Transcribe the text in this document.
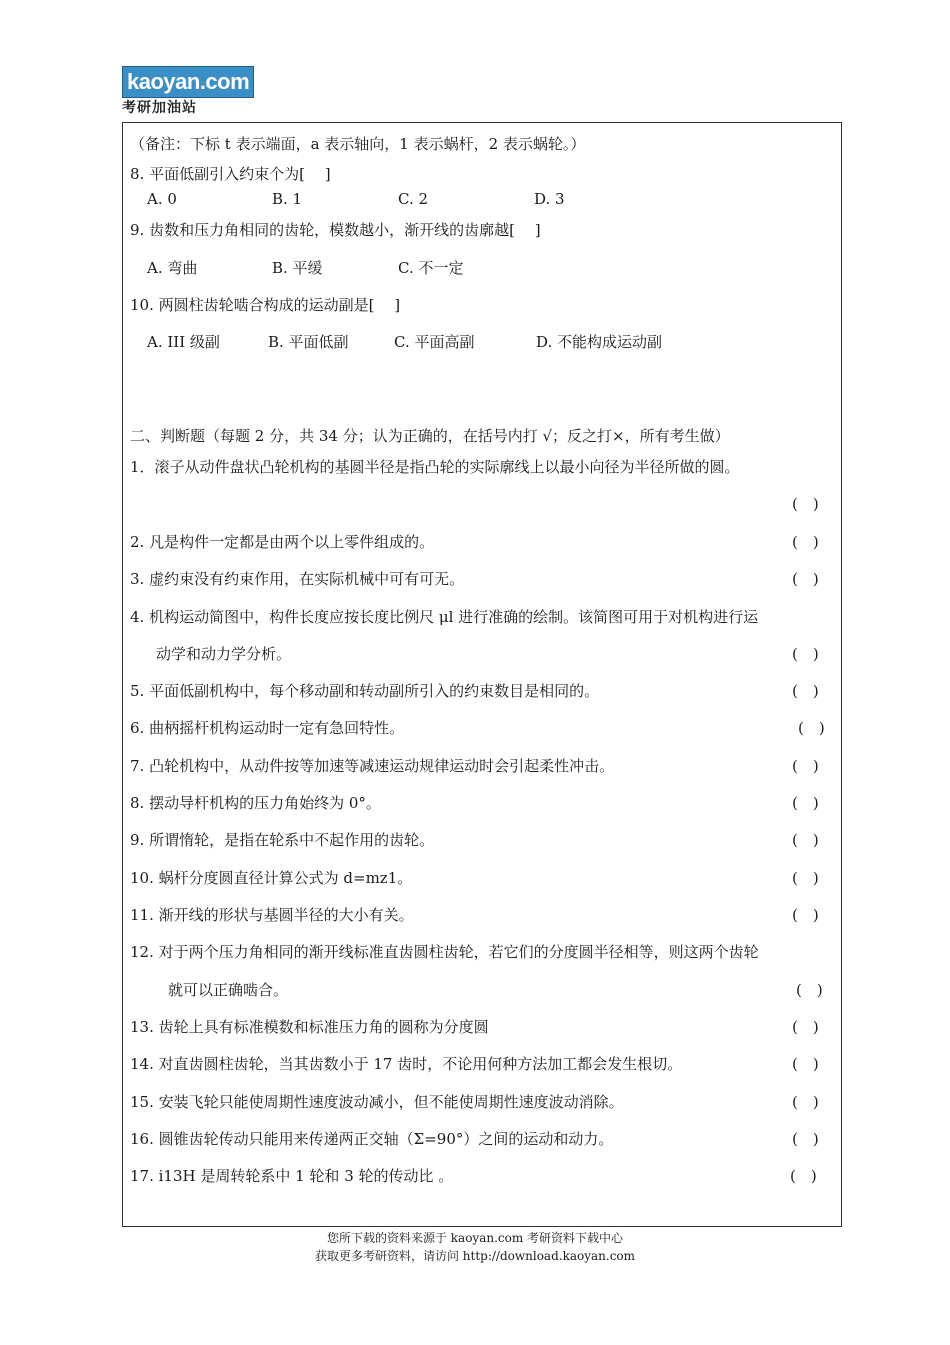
kaoyan.com
考研加油站
（备注：下标 t 表示端面，a 表示轴向，1 表示蜗杆，2 表示蜗轮。）
8. 平面低副引入约束个为[　 ]
A. 0	B. 1	C. 2	D. 3
9. 齿数和压力角相同的齿轮，模数越小，渐开线的齿廓越[　 ]
A. 弯曲	B. 平缓	C. 不一定
10. 两圆柱齿轮啮合构成的运动副是[　 ]
A. III 级副	B. 平面低副	C. 平面高副	D. 不能构成运动副
二、判断题（每题 2 分，共 34 分；认为正确的，在括号内打 √；反之打×，所有考生做）
1．滚子从动件盘状凸轮机构的基圆半径是指凸轮的实际廓线上以最小向径为半径所做的圆。
(　)
2. 凡是构件一定都是由两个以上零件组成的。	(　)
3. 虚约束没有约束作用，在实际机械中可有可无。	(　)
4. 机构运动简图中，构件长度应按长度比例尺 μl 进行准确的绘制。该简图可用于对机构进行运
动学和动力学分析。	(　)
5. 平面低副机构中，每个移动副和转动副所引入的约束数目是相同的。	(　)
6. 曲柄摇杆机构运动时一定有急回特性。	(　)
7. 凸轮机构中，从动件按等加速等减速运动规律运动时会引起柔性冲击。	(　)
8. 摆动导杆机构的压力角始终为 0°。	(　)
9. 所谓惰轮，是指在轮系中不起作用的齿轮。	(　)
10. 蜗杆分度圆直径计算公式为 d=mz1。	(　)
11. 渐开线的形状与基圆半径的大小有关。	(　)
12. 对于两个压力角相同的渐开线标准直齿圆柱齿轮，若它们的分度圆半径相等，则这两个齿轮
就可以正确啮合。	(　)
13. 齿轮上具有标准模数和标准压力角的圆称为分度圆	(　)
14. 对直齿圆柱齿轮，当其齿数小于 17 齿时，不论用何种方法加工都会发生根切。	(　)
15. 安装飞轮只能使周期性速度波动减小，但不能使周期性速度波动消除。	(　)
16. 圆锥齿轮传动只能用来传递两正交轴（Σ=90°）之间的运动和动力。	(　)
17. i13H 是周转轮系中 1 轮和 3 轮的传动比 。	(　)
您所下载的资料来源于 kaoyan.com 考研资料下载中心
获取更多考研资料，请访问 http://download.kaoyan.com
